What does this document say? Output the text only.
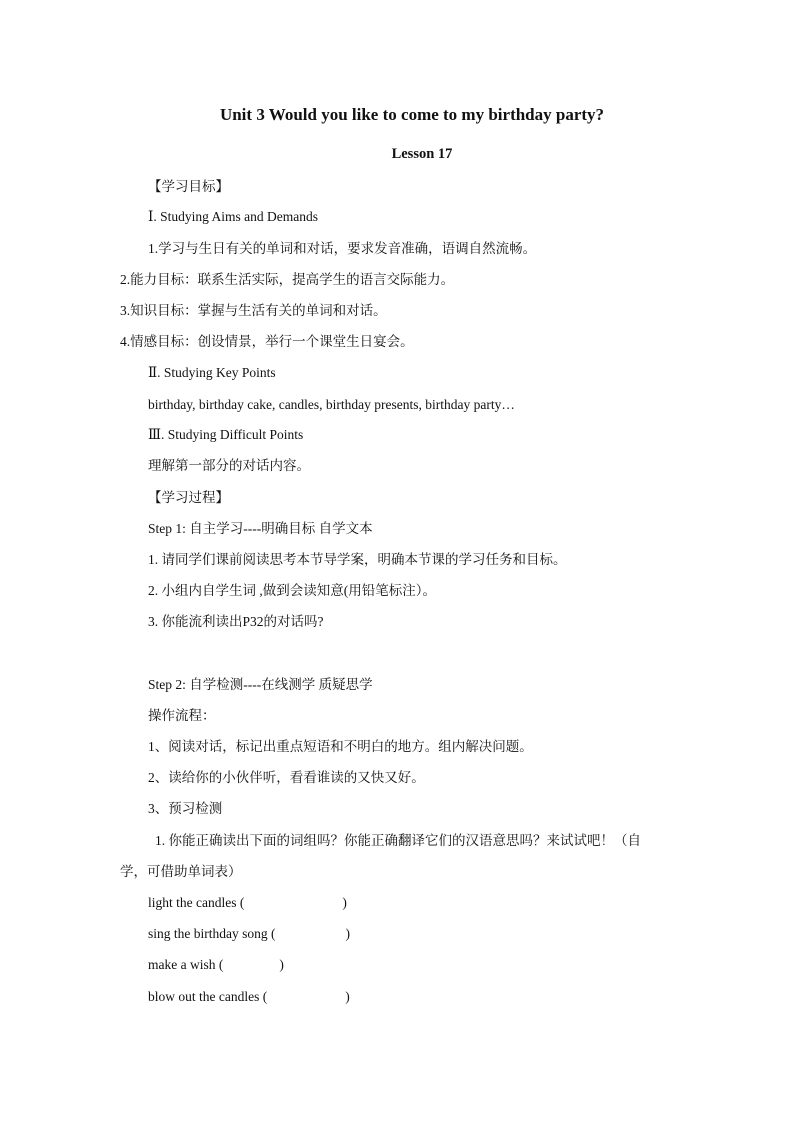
Unit 3 Would you like to come to my birthday party?
Lesson 17

【学习目标】

Ⅰ. Studying Aims and Demands

1.学习与生日有关的单词和对话，要求发音准确，语调自然流畅。

2.能力目标：联系生活实际，提高学生的语言交际能力。

3.知识目标：掌握与生活有关的单词和对话。

4.情感目标：创设情景，举行一个课堂生日宴会。

Ⅱ. Studying Key Points

birthday, birthday cake, candles, birthday presents, birthday party…

Ⅲ. Studying Difficult Points

理解第一部分的对话内容。

【学习过程】

Step 1: 自主学习----明确目标 自学文本

1. 请同学们课前阅读思考本节导学案，明确本节课的学习任务和目标。

2. 小组内自学生词 ,做到会读知意(用铅笔标注）。

3. 你能流利读出P32的对话吗?

Step 2: 自学检测----在线测学 质疑思学

操作流程：

1、阅读对话，标记出重点短语和不明白的地方。组内解决问题。

2、读给你的小伙伴听，看看谁读的又快又好。

3、预习检测

1. 你能正确读出下面的词组吗？你能正确翻译它们的汉语意思吗？来试试吧！（自

学，可借助单词表）

light the candles (	)

sing the birthday song (	)

make a wish (	)

blow out the candles (	)
